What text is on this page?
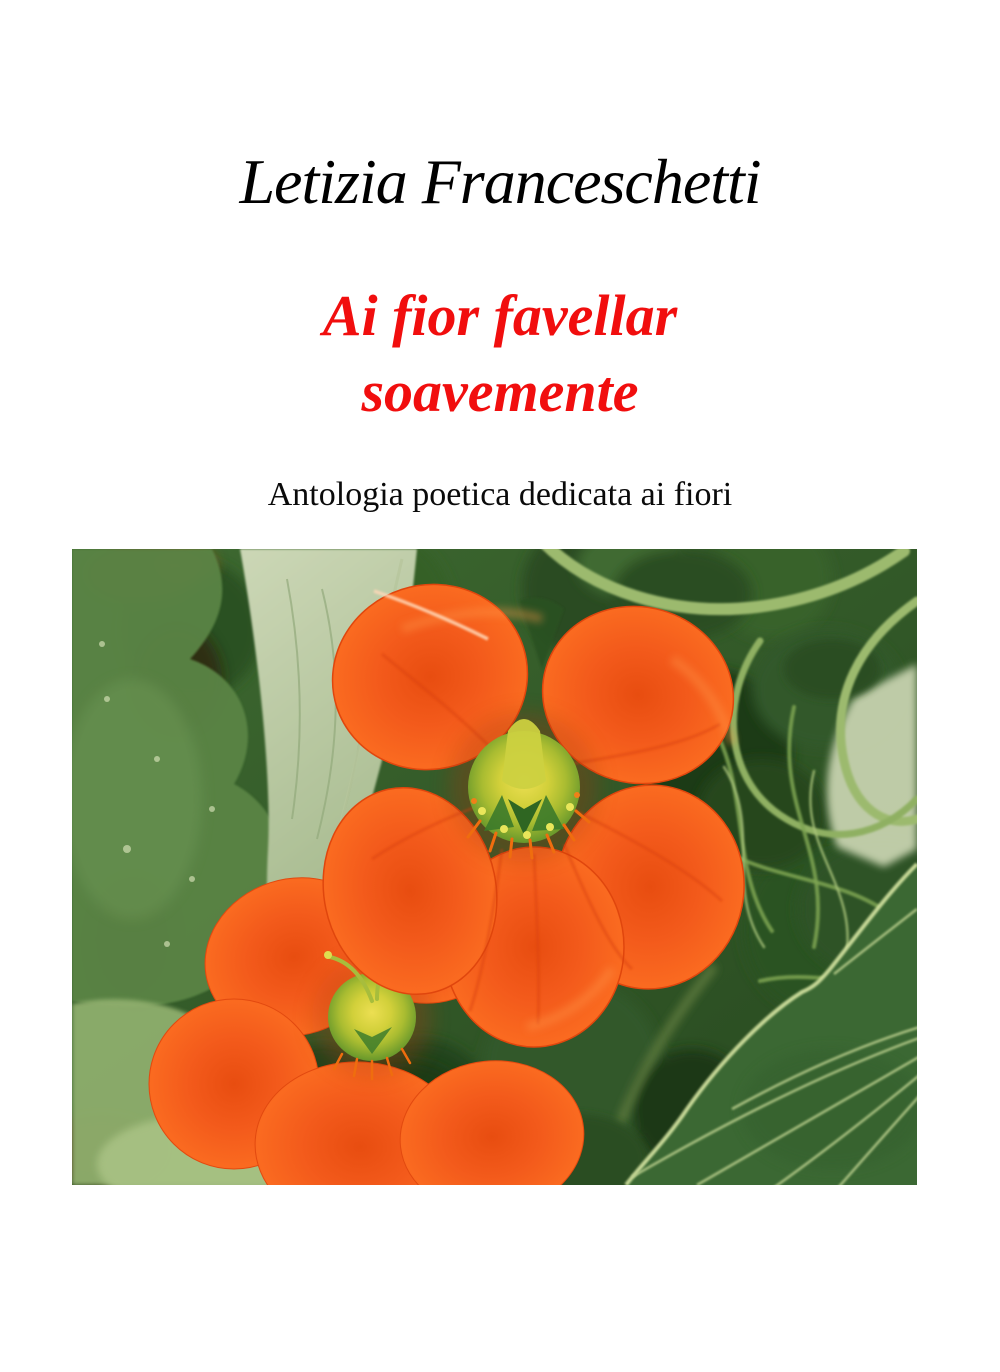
Letizia Franceschetti
Ai fior favellar
soavemente

Antologia poetica dedicata ai fiori
